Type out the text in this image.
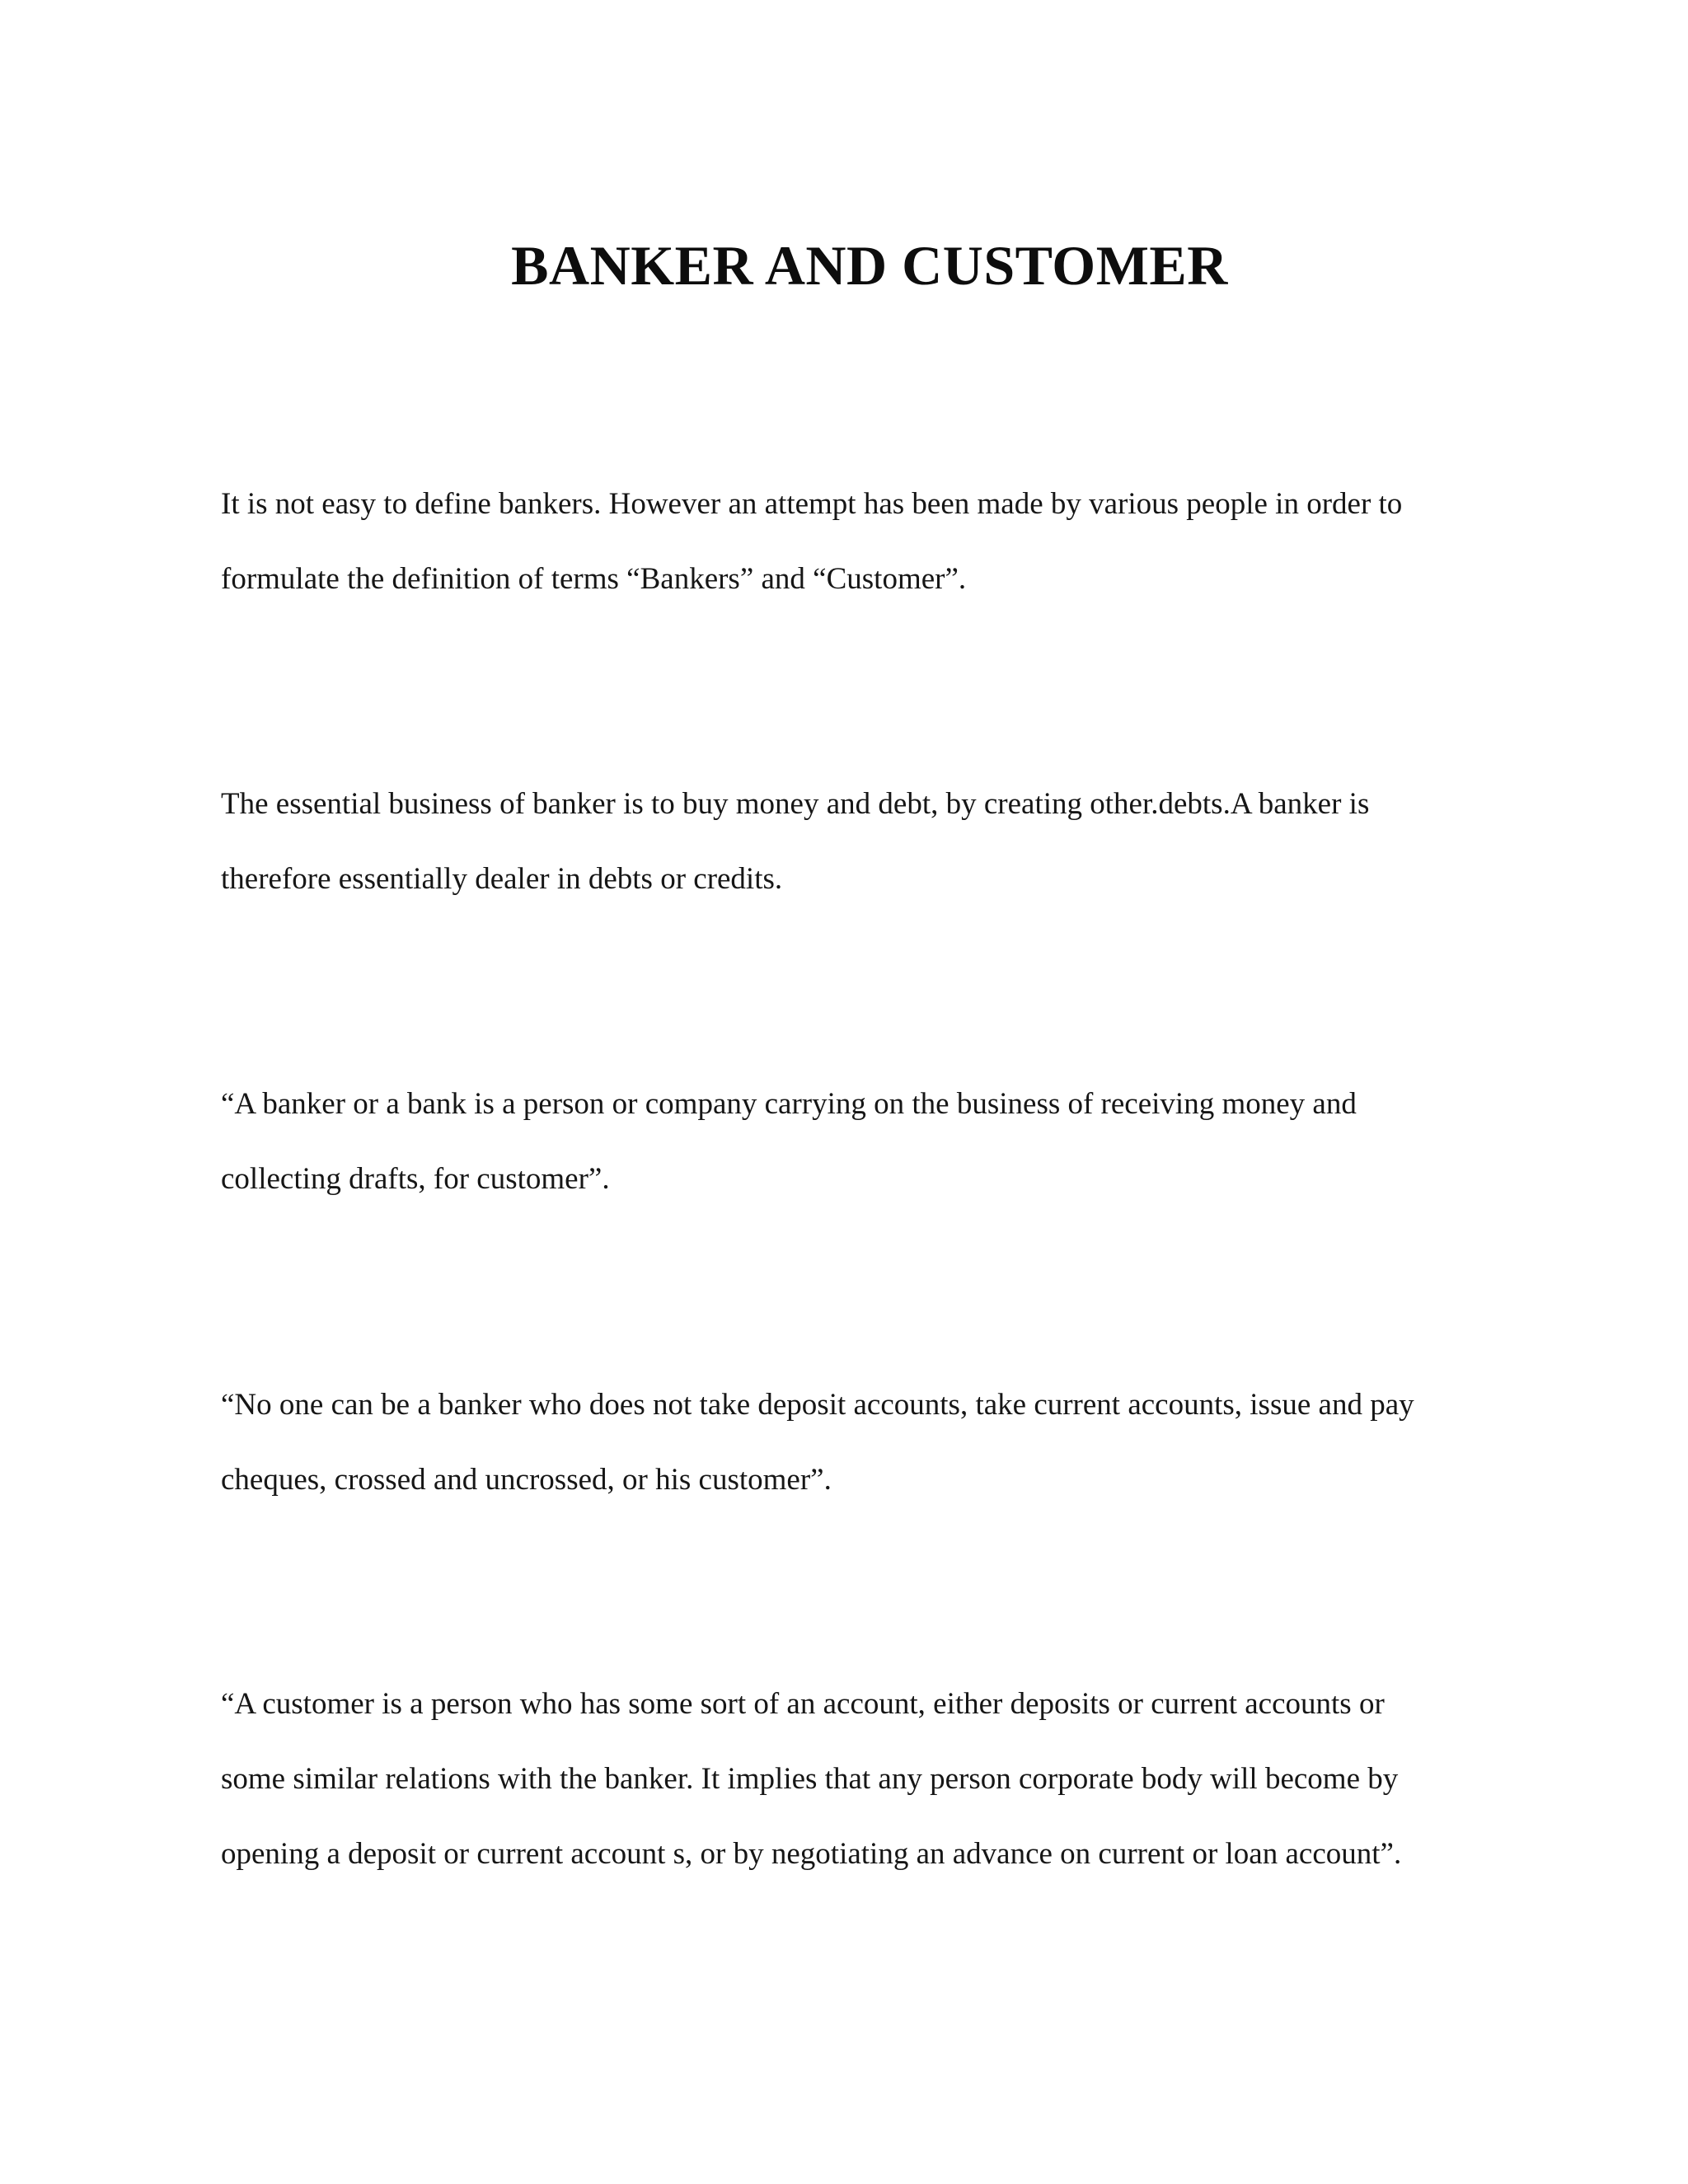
BANKER AND CUSTOMER

It is not easy to define bankers. However an attempt has been made by various people in order to
formulate the definition of terms “Bankers” and “Customer”.

The essential business of banker is to buy money and debt, by creating other.debts.A banker is
therefore essentially dealer in debts or credits.

“A banker or a bank is a person or company carrying on the business of receiving money and
collecting drafts, for customer”.

“No one can be a banker who does not take deposit accounts, take current accounts, issue and pay
cheques, crossed and uncrossed, or his customer”.

“A customer is a person who has some sort of an account, either deposits or current accounts or
some similar relations with the banker. It implies that any person corporate body will become by
opening a deposit or current account s, or by negotiating an advance on current or loan account”.
